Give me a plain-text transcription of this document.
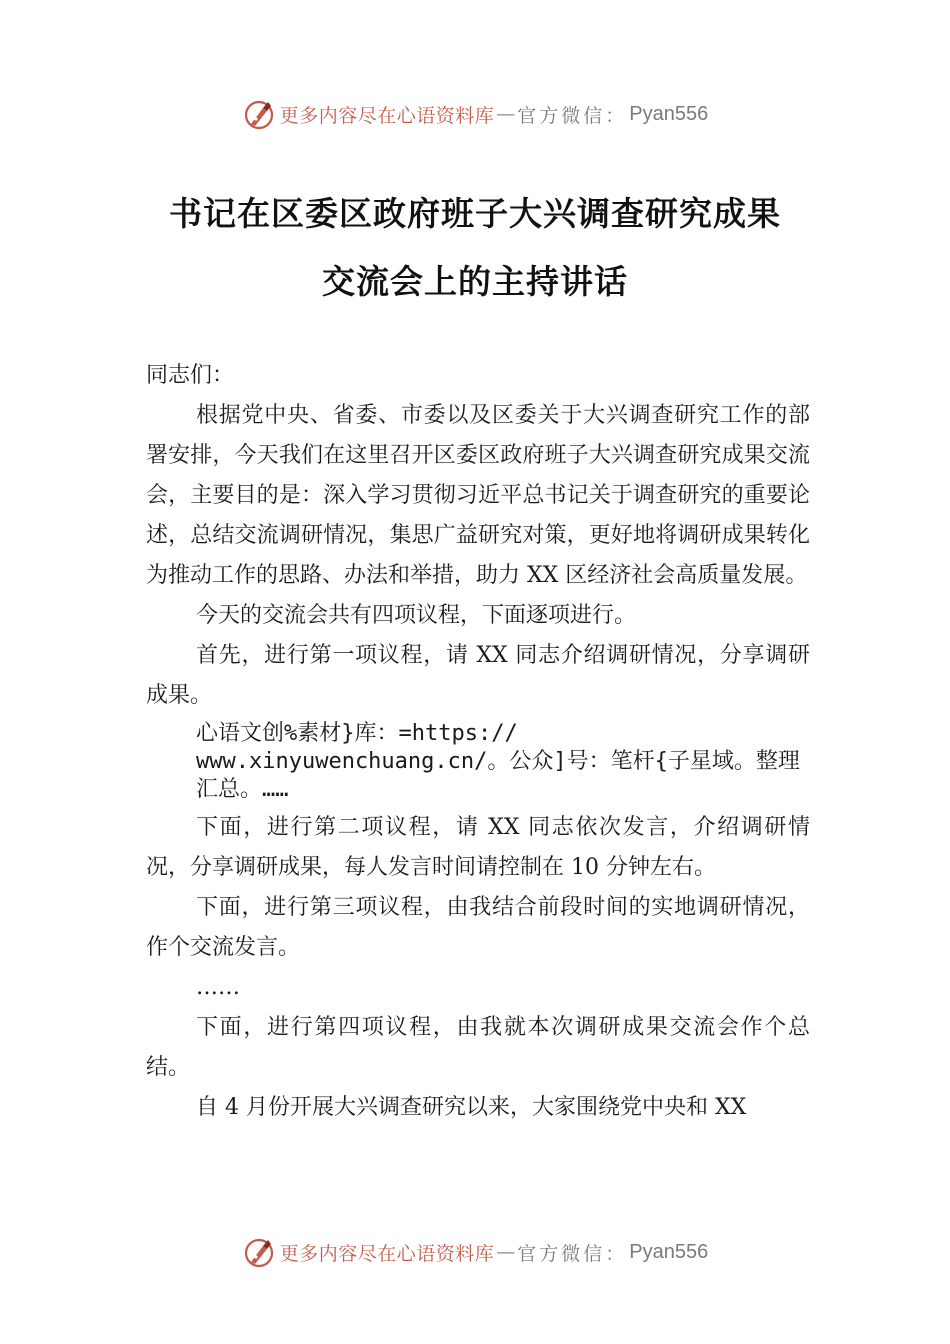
更多内容尽在心语资料库 — 官方微信： Pyan556
书记在区委区政府班子大兴调查研究成果
交流会上的主持讲话

同志们：

根据党中央、省委、市委以及区委关于大兴调查研究工作的部署安排，今天我们在这里召开区委区政府班子大兴调查研究成果交流会，主要目的是：深入学习贯彻习近平总书记关于调查研究的重要论述，总结交流调研情况，集思广益研究对策，更好地将调研成果转化为推动工作的思路、办法和举措，助力 XX 区经济社会高质量发展。

今天的交流会共有四项议程，下面逐项进行。

首先，进行第一项议程，请 XX 同志介绍调研情况，分享调研成果。

心语文创%素材}库：=https://
www.xinyuwenchuang.cn/。公众]号：笔杆{子星域。整理
汇总。……

下面，进行第二项议程，请 XX 同志依次发言，介绍调研情况，分享调研成果，每人发言时间请控制在 10 分钟左右。

下面，进行第三项议程，由我结合前段时间的实地调研情况，作个交流发言。

……

下面，进行第四项议程，由我就本次调研成果交流会作个总结。

自 4 月份开展大兴调查研究以来，大家围绕党中央和 XX

更多内容尽在心语资料库 — 官方微信： Pyan556
